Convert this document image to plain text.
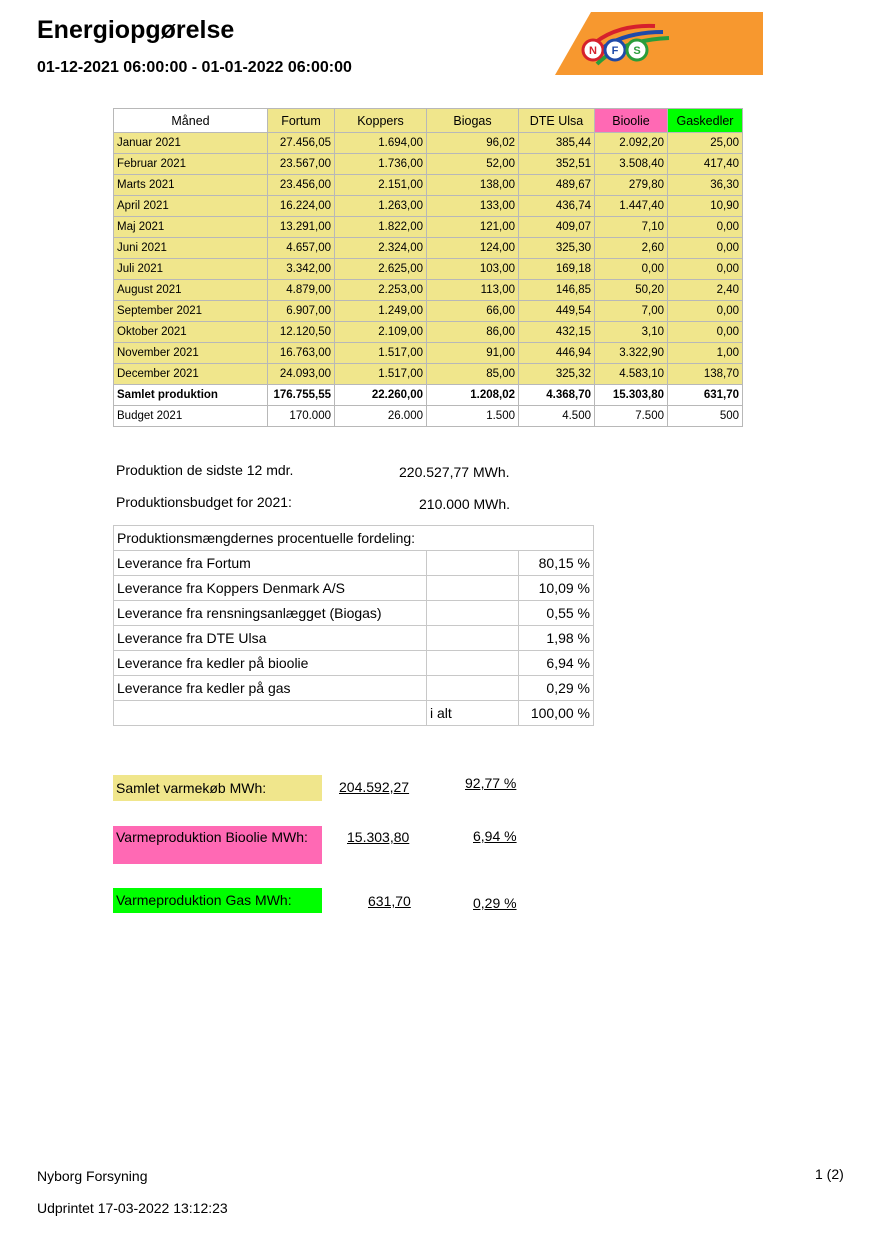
Energiopgørelse
01-12-2021 06:00:00 - 01-01-2022 06:00:00
N F S
Måned	Fortum	Koppers	Biogas	DTE Ulsa	Bioolie	Gaskedler
Januar 2021	27.456,05	1.694,00	96,02	385,44	2.092,20	25,00
Februar 2021	23.567,00	1.736,00	52,00	352,51	3.508,40	417,40
Marts 2021	23.456,00	2.151,00	138,00	489,67	279,80	36,30
April 2021	16.224,00	1.263,00	133,00	436,74	1.447,40	10,90
Maj 2021	13.291,00	1.822,00	121,00	409,07	7,10	0,00
Juni 2021	4.657,00	2.324,00	124,00	325,30	2,60	0,00
Juli 2021	3.342,00	2.625,00	103,00	169,18	0,00	0,00
August 2021	4.879,00	2.253,00	113,00	146,85	50,20	2,40
September 2021	6.907,00	1.249,00	66,00	449,54	7,00	0,00
Oktober 2021	12.120,50	2.109,00	86,00	432,15	3,10	0,00
November 2021	16.763,00	1.517,00	91,00	446,94	3.322,90	1,00
December 2021	24.093,00	1.517,00	85,00	325,32	4.583,10	138,70
Samlet produktion	176.755,55	22.260,00	1.208,02	4.368,70	15.303,80	631,70
Budget 2021	170.000	26.000	1.500	4.500	7.500	500
Produktion de sidste 12 mdr.	220.527,77 MWh.
Produktionsbudget for 2021:	210.000 MWh.
Produktionsmængdernes procentuelle fordeling:		
Leverance fra Fortum		80,15 %
Leverance fra Koppers Denmark A/S		10,09 %
Leverance fra rensningsanlægget (Biogas)		0,55 %
Leverance fra DTE Ulsa		1,98 %
Leverance fra kedler på bioolie		6,94 %
Leverance fra kedler på gas		0,29 %
	i alt	100,00 %
Samlet varmekøb MWh:	204.592,27	92,77 %
Varmeproduktion Bioolie MWh:	15.303,80	6,94 %
Varmeproduktion Gas MWh:	631,70	0,29 %
Nyborg Forsyning	1 (2)
Udprintet 17-03-2022 13:12:23
